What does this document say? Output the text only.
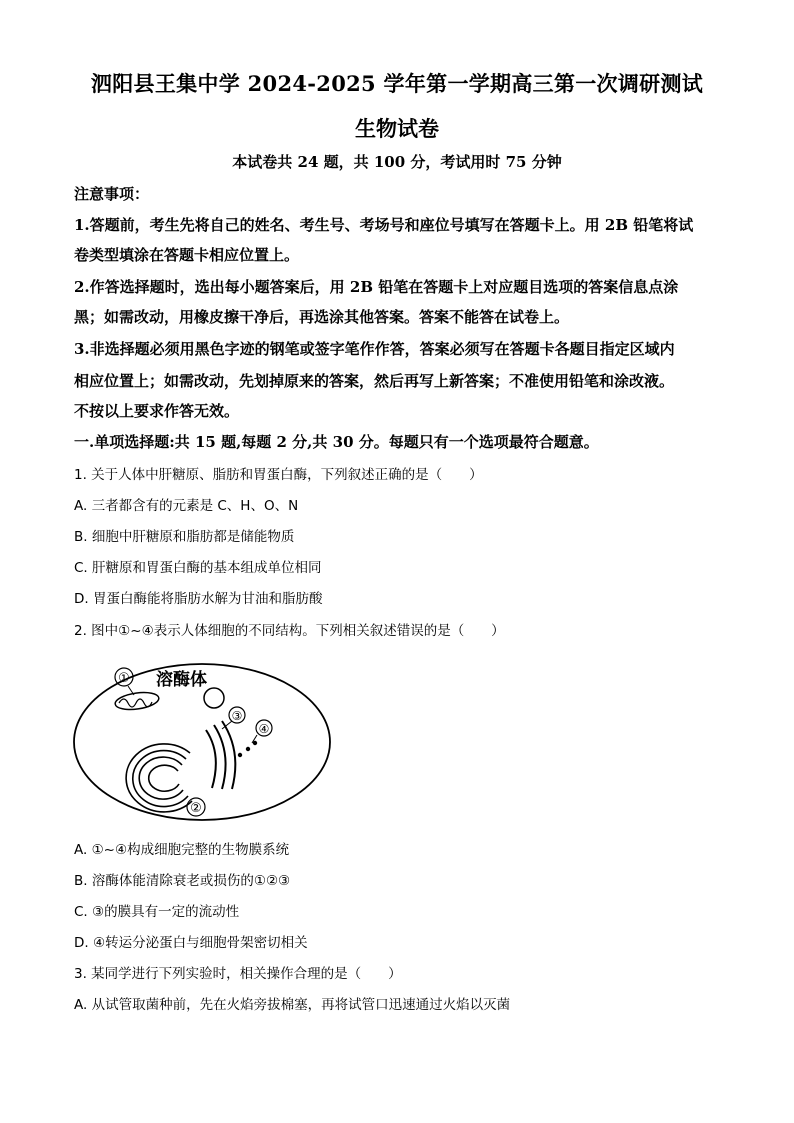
泗阳县王集中学 2024-2025 学年第一学期高三第一次调研测试
生物试卷
本试卷共 24 题，共 100 分，考试用时 75 分钟
注意事项：
1.答题前，考生先将自己的姓名、考生号、考场号和座位号填写在答题卡上。用 2B 铅笔将试
卷类型填涂在答题卡相应位置上。
2.作答选择题时，选出每小题答案后，用 2B 铅笔在答题卡上对应题目选项的答案信息点涂
黑；如需改动，用橡皮擦干净后，再选涂其他答案。答案不能答在试卷上。
3.非选择题必须用黑色字迹的钢笔或签字笔作作答，答案必须写在答题卡各题目指定区域内
相应位置上；如需改动，先划掉原来的答案，然后再写上新答案；不准使用铅笔和涂改液。
不按以上要求作答无效。
一.单项选择题:共 15 题,每题 2 分,共 30 分。每题只有一个选项最符合题意。
1. 关于人体中肝糖原、脂肪和胃蛋白酶，下列叙述正确的是（　　）
A. 三者都含有的元素是 C、H、O、N
B. 细胞中肝糖原和脂肪都是储能物质
C. 肝糖原和胃蛋白酶的基本组成单位相同
D. 胃蛋白酶能将脂肪水解为甘油和脂肪酸
2. 图中①~④表示人体细胞的不同结构。下列相关叙述错误的是（　　）
① 溶酶体
③
④
②
A. ①~④构成细胞完整的生物膜系统
B. 溶酶体能清除衰老或损伤的①②③
C. ③的膜具有一定的流动性
D. ④转运分泌蛋白与细胞骨架密切相关
3. 某同学进行下列实验时，相关操作合理的是（　　）
A. 从试管取菌种前，先在火焰旁拔棉塞，再将试管口迅速通过火焰以灭菌
